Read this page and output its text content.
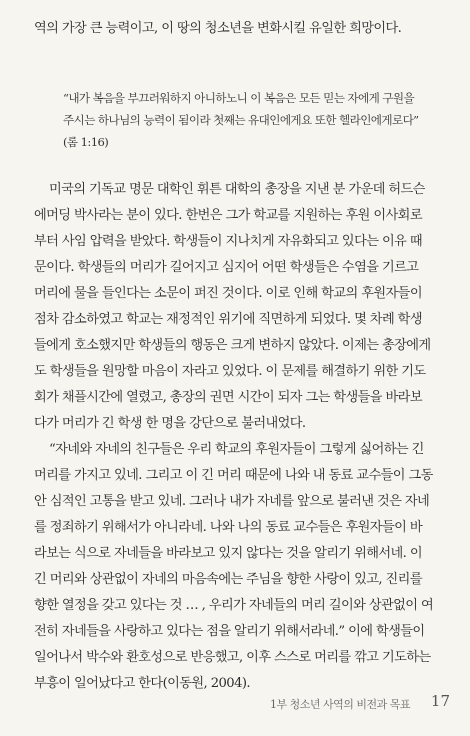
역의 가장 큰 능력이고, 이 땅의 청소년을 변화시킬 유일한 희망이다.
“내가 복음을 부끄러워하지 아니하노니 이 복음은 모든 믿는 자에게 구원을
주시는 하나님의 능력이 됨이라 첫째는 유대인에게요 또한 헬라인에게로다”
(롬 1:16)
미국의 기독교 명문 대학인 휘튼 대학의 총장을 지낸 분 가운데 허드슨
에머딩 박사라는 분이 있다. 한번은 그가 학교를 지원하는 후원 이사회로
부터 사임 압력을 받았다. 학생들이 지나치게 자유화되고 있다는 이유 때
문이다. 학생들의 머리가 길어지고 심지어 어떤 학생들은 수염을 기르고
머리에 물을 들인다는 소문이 퍼진 것이다. 이로 인해 학교의 후원자들이
점차 감소하였고 학교는 재정적인 위기에 직면하게 되었다. 몇 차례 학생
들에게 호소했지만 학생들의 행동은 크게 변하지 않았다. 이제는 총장에게
도 학생들을 원망할 마음이 자라고 있었다. 이 문제를 해결하기 위한 기도
회가 채플시간에 열렸고, 총장의 권면 시간이 되자 그는 학생들을 바라보
다가 머리가 긴 학생 한 명을 강단으로 불러내었다.
“자네와 자네의 친구들은 우리 학교의 후원자들이 그렇게 싫어하는 긴
머리를 가지고 있네. 그리고 이 긴 머리 때문에 나와 내 동료 교수들이 그동
안 심적인 고통을 받고 있네. 그러나 내가 자네를 앞으로 불러낸 것은 자네
를 정죄하기 위해서가 아니라네. 나와 나의 동료 교수들은 후원자들이 바
라보는 식으로 자네들을 바라보고 있지 않다는 것을 알리기 위해서네. 이
긴 머리와 상관없이 자네의 마음속에는 주님을 향한 사랑이 있고, 진리를
향한 열정을 갖고 있다는 것 … , 우리가 자네들의 머리 길이와 상관없이 여
전히 자네들을 사랑하고 있다는 점을 알리기 위해서라네.” 이에 학생들이
일어나서 박수와 환호성으로 반응했고, 이후 스스로 머리를 깎고 기도하는
부흥이 일어났다고 한다(이동원, 2004).
1부 청소년 사역의 비전과 목표 17
